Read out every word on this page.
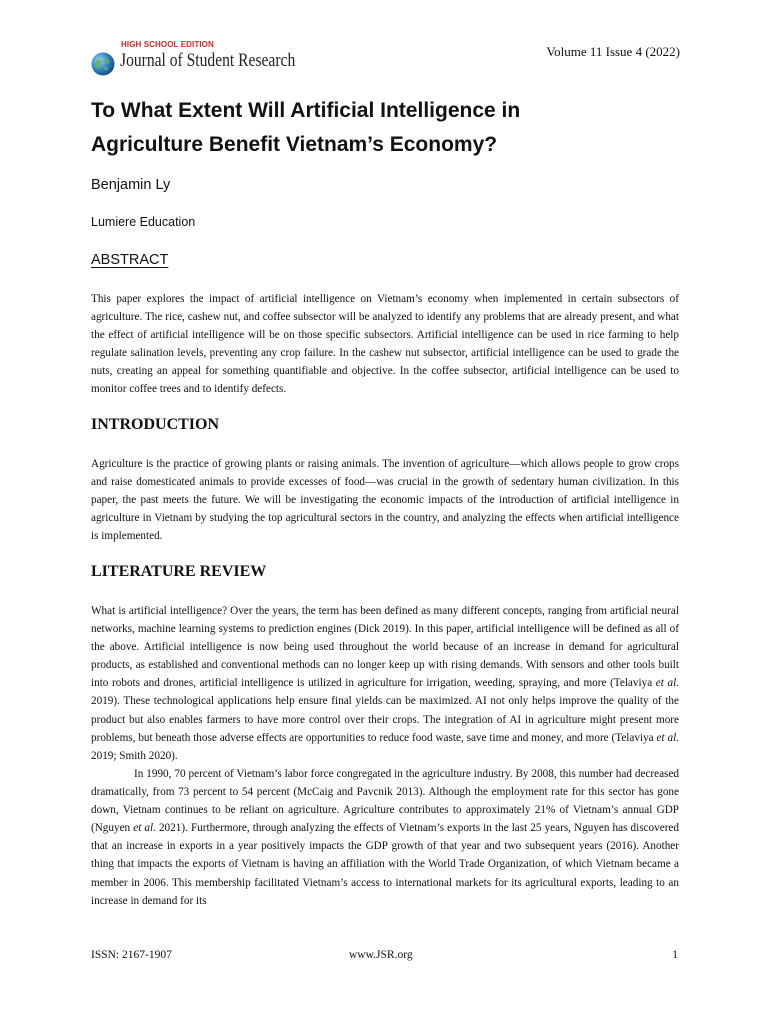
HIGH SCHOOL EDITION
Journal of Student Research	Volume 11 Issue 4 (2022)
To What Extent Will Artificial Intelligence in
Agriculture Benefit Vietnam’s Economy?
Benjamin Ly
Lumiere Education
ABSTRACT

This paper explores the impact of artificial intelligence on Vietnam’s economy when implemented in certain subsectors of agriculture. The rice, cashew nut, and coffee subsector will be analyzed to identify any problems that are already present, and what the effect of artificial intelligence will be on those specific subsectors. Artificial intelligence can be used in rice farming to help regulate salination levels, preventing any crop failure. In the cashew nut subsector, artificial intelligence can be used to grade the nuts, creating an appeal for something quantifiable and objective. In the coffee subsector, artificial intelligence can be used to monitor coffee trees and to identify defects.

INTRODUCTION

Agriculture is the practice of growing plants or raising animals. The invention of agriculture—which allows people to grow crops and raise domesticated animals to provide excesses of food—was crucial in the growth of sedentary human civilization. In this paper, the past meets the future. We will be investigating the economic impacts of the introduction of artificial intelligence in agriculture in Vietnam by studying the top agricultural sectors in the country, and analyzing the effects when artificial intelligence is implemented.

LITERATURE REVIEW

What is artificial intelligence? Over the years, the term has been defined as many different concepts, ranging from artificial neural networks, machine learning systems to prediction engines (Dick 2019). In this paper, artificial intelligence will be defined as all of the above. Artificial intelligence is now being used throughout the world because of an increase in demand for agricultural products, as established and conventional methods can no longer keep up with rising demands. With sensors and other tools built into robots and drones, artificial intelligence is utilized in agriculture for irrigation, weeding, spraying, and more (Telaviya et al. 2019). These technological applications help ensure final yields can be maximized. AI not only helps improve the quality of the product but also enables farmers to have more control over their crops. The integration of AI in agriculture might present more problems, but beneath those adverse effects are opportunities to reduce food waste, save time and money, and more (Telaviya et al. 2019; Smith 2020).

In 1990, 70 percent of Vietnam’s labor force congregated in the agriculture industry. By 2008, this number had decreased dramatically, from 73 percent to 54 percent (McCaig and Pavcnik 2013). Although the employment rate for this sector has gone down, Vietnam continues to be reliant on agriculture. Agriculture contributes to approximately 21% of Vietnam’s annual GDP (Nguyen et al. 2021). Furthermore, through analyzing the effects of Vietnam’s exports in the last 25 years, Nguyen has discovered that an increase in exports in a year positively impacts the GDP growth of that year and two subsequent years (2016). Another thing that impacts the exports of Vietnam is having an affiliation with the World Trade Organization, of which Vietnam became a member in 2006. This membership facilitated Vietnam’s access to international markets for its agricultural exports, leading to an increase in demand for its

ISSN: 2167-1907	www.JSR.org	1
